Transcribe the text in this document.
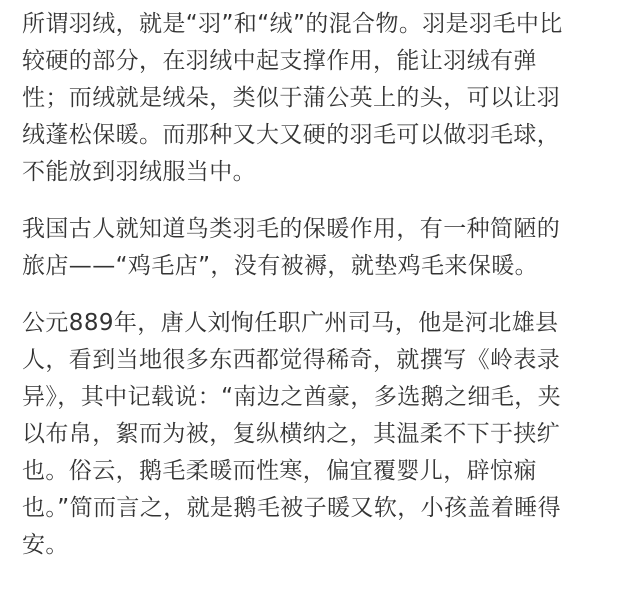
所谓羽绒，就是“羽”和“绒”的混合物。羽是羽毛中比
较硬的部分，在羽绒中起支撑作用，能让羽绒有弹
性；而绒就是绒朵，类似于蒲公英上的头，可以让羽
绒蓬松保暖。而那种又大又硬的羽毛可以做羽毛球，
不能放到羽绒服当中。

我国古人就知道鸟类羽毛的保暖作用，有一种简陋的
旅店——“鸡毛店”，没有被褥，就垫鸡毛来保暖。

公元889年，唐人刘恂任职广州司马，他是河北雄县
人，看到当地很多东西都觉得稀奇，就撰写《岭表录
异》，其中记载说：“南边之酋豪，多选鹅之细毛，夹
以布帛，絮而为被，复纵横纳之，其温柔不下于挟纩
也。俗云，鹅毛柔暖而性寒，偏宜覆婴儿，辟惊痫
也。”简而言之，就是鹅毛被子暖又软，小孩盖着睡得
安。
